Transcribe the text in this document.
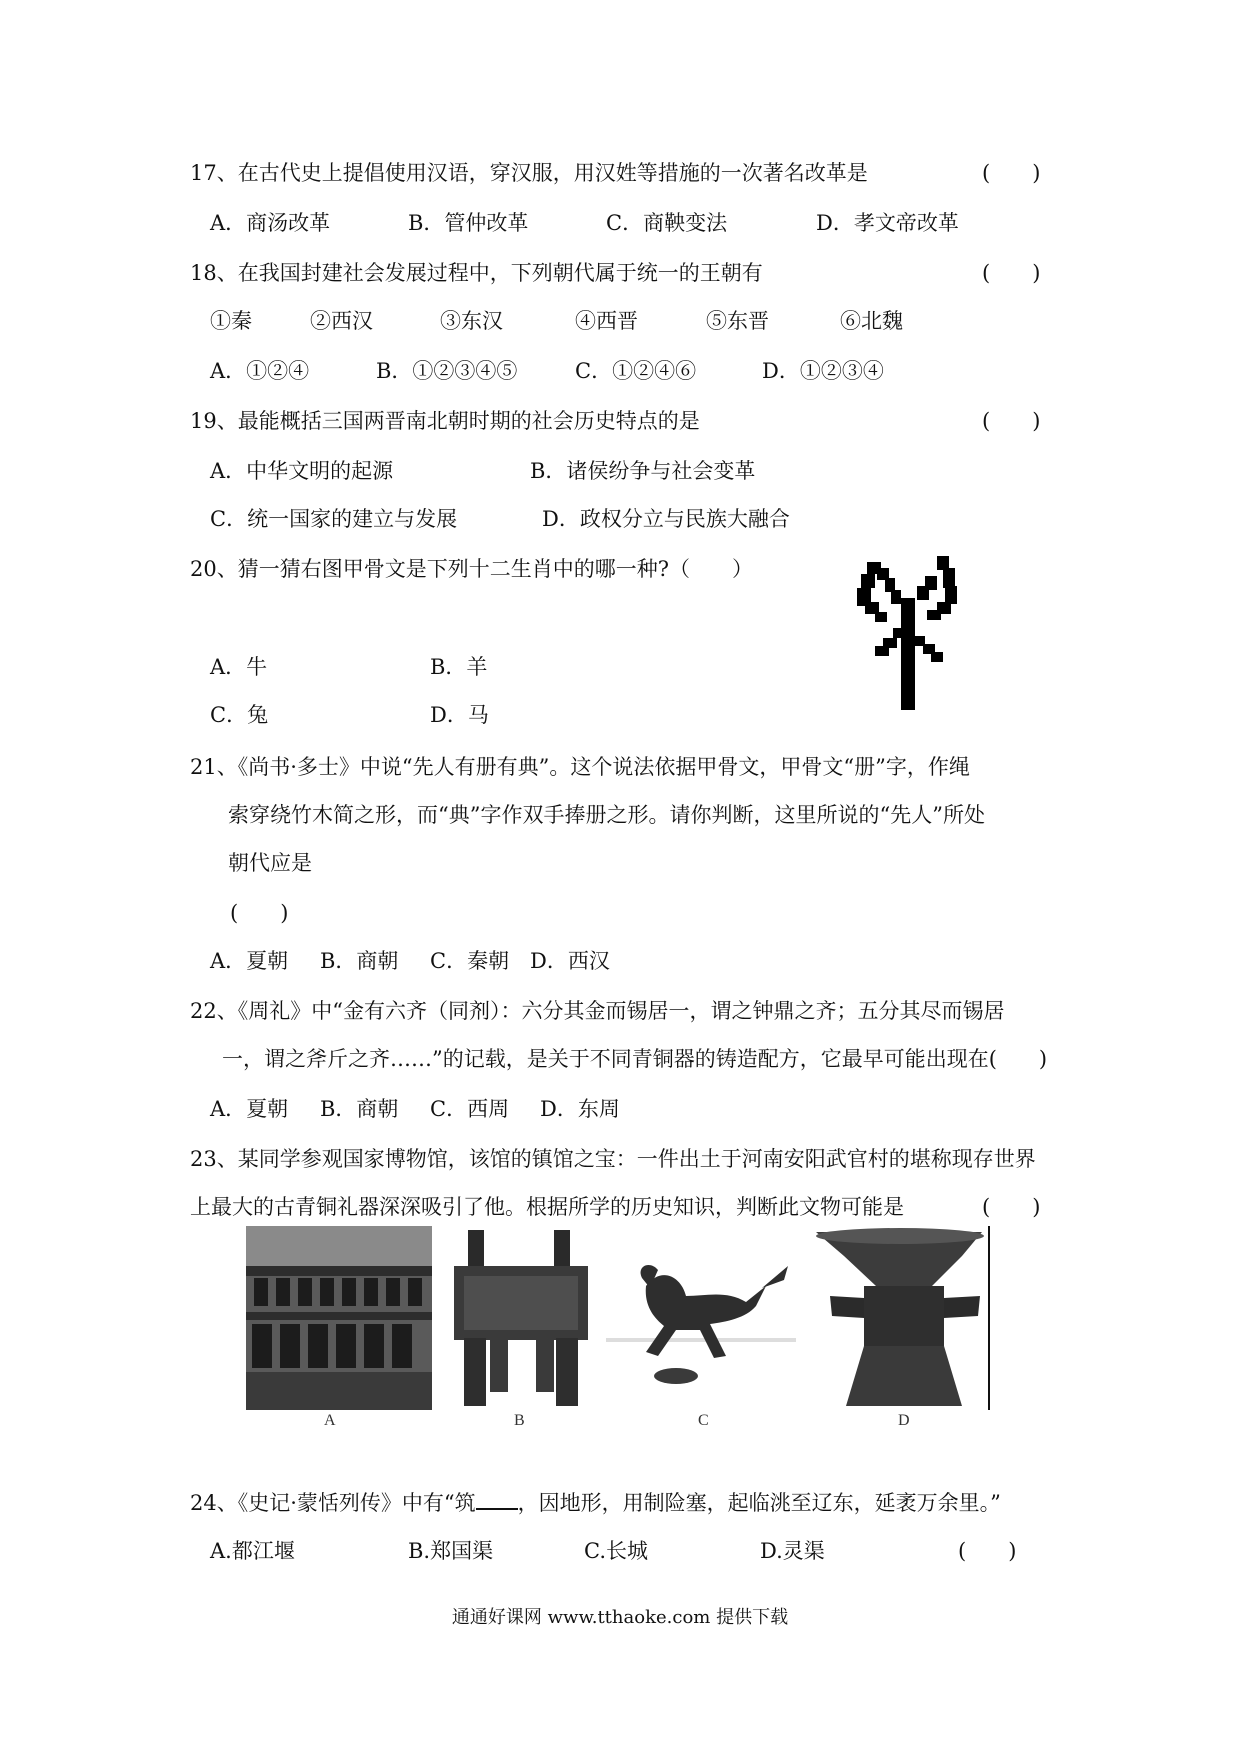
17、在古代史上提倡使用汉语，穿汉服，用汉姓等措施的一次著名改革是	(　　)
A．商汤改革	B．管仲改革	C．商鞅变法	D．孝文帝改革
18、在我国封建社会发展过程中，下列朝代属于统一的王朝有	(　　)
①秦	②西汉	③东汉	④西晋	⑤东晋	⑥北魏
A．①②④	B．①②③④⑤	C．①②④⑥	D．①②③④
19、最能概括三国两晋南北朝时期的社会历史特点的是	(　　)
A．中华文明的起源	B．诸侯纷争与社会变革
C．统一国家的建立与发展	D．政权分立与民族大融合
20、猜一猜右图甲骨文是下列十二生肖中的哪一种?（　　）
A．牛	B．羊
C．兔	D．马
21、《尚书·多士》中说“先人有册有典”。这个说法依据甲骨文，甲骨文“册”字，作绳
索穿绕竹木简之形，而“典”字作双手捧册之形。请你判断，这里所说的“先人”所处
朝代应是
(　　)
A．夏朝 B．商朝 C．秦朝 D．西汉
22、《周礼》中“金有六齐（同剂）：六分其金而锡居一，谓之钟鼎之齐；五分其尽而锡居
一，谓之斧斤之齐……”的记载，是关于不同青铜器的铸造配方，它最早可能出现在(　　)
A．夏朝 B．商朝 C．西周 D．东周
23、某同学参观国家博物馆，该馆的镇馆之宝：一件出土于河南安阳武官村的堪称现存世界
上最大的古青铜礼器深深吸引了他。根据所学的历史知识，判断此文物可能是	(　　)
A	B	C	D
24、《史记·蒙恬列传》中有“筑 ，因地形，用制险塞，起临洮至辽东，延袤万余里。”
A.都江堰	B.郑国渠	C.长城	D.灵渠	(　　)
通通好课网 www.tthaoke.com 提供下载
